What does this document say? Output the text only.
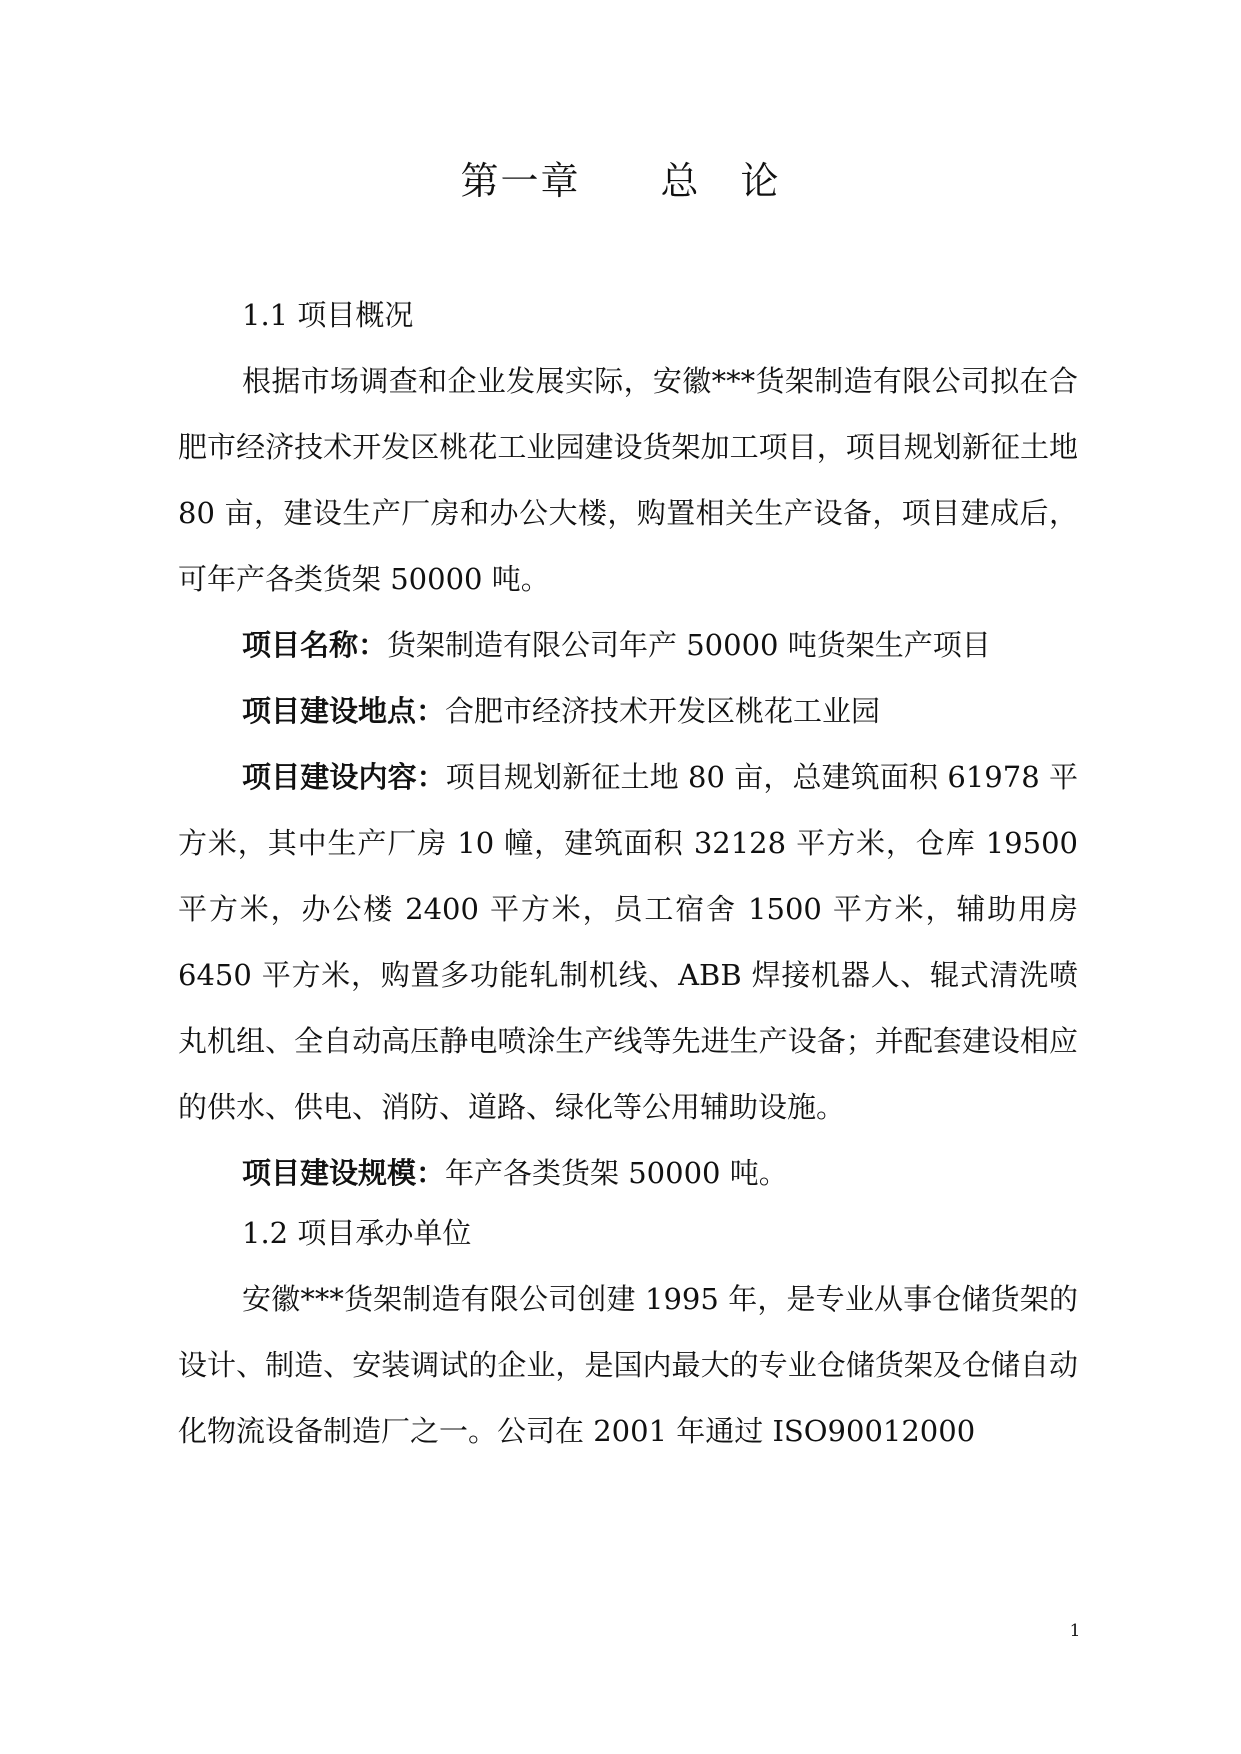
第一章　　总　论

1.1 项目概况

根据市场调查和企业发展实际，安徽***货架制造有限公司拟在合肥市经济技术开发区桃花工业园建设货架加工项目，项目规划新征土地 80 亩，建设生产厂房和办公大楼，购置相关生产设备，项目建成后，可年产各类货架 50000 吨。

项目名称：货架制造有限公司年产 50000 吨货架生产项目

项目建设地点：合肥市经济技术开发区桃花工业园

项目建设内容：项目规划新征土地 80 亩，总建筑面积 61978 平方米，其中生产厂房 10 幢，建筑面积 32128 平方米，仓库 19500 平方米，办公楼 2400 平方米，员工宿舍 1500 平方米，辅助用房 6450 平方米，购置多功能轧制机线、ABB 焊接机器人、辊式清洗喷丸机组、全自动高压静电喷涂生产线等先进生产设备；并配套建设相应的供水、供电、消防、道路、绿化等公用辅助设施。

项目建设规模：年产各类货架 50000 吨。

1.2 项目承办单位

安徽***货架制造有限公司创建 1995 年，是专业从事仓储货架的设计、制造、安装调试的企业，是国内最大的专业仓储货架及仓储自动化物流设备制造厂之一。公司在 2001 年通过 ISO90012000

1
